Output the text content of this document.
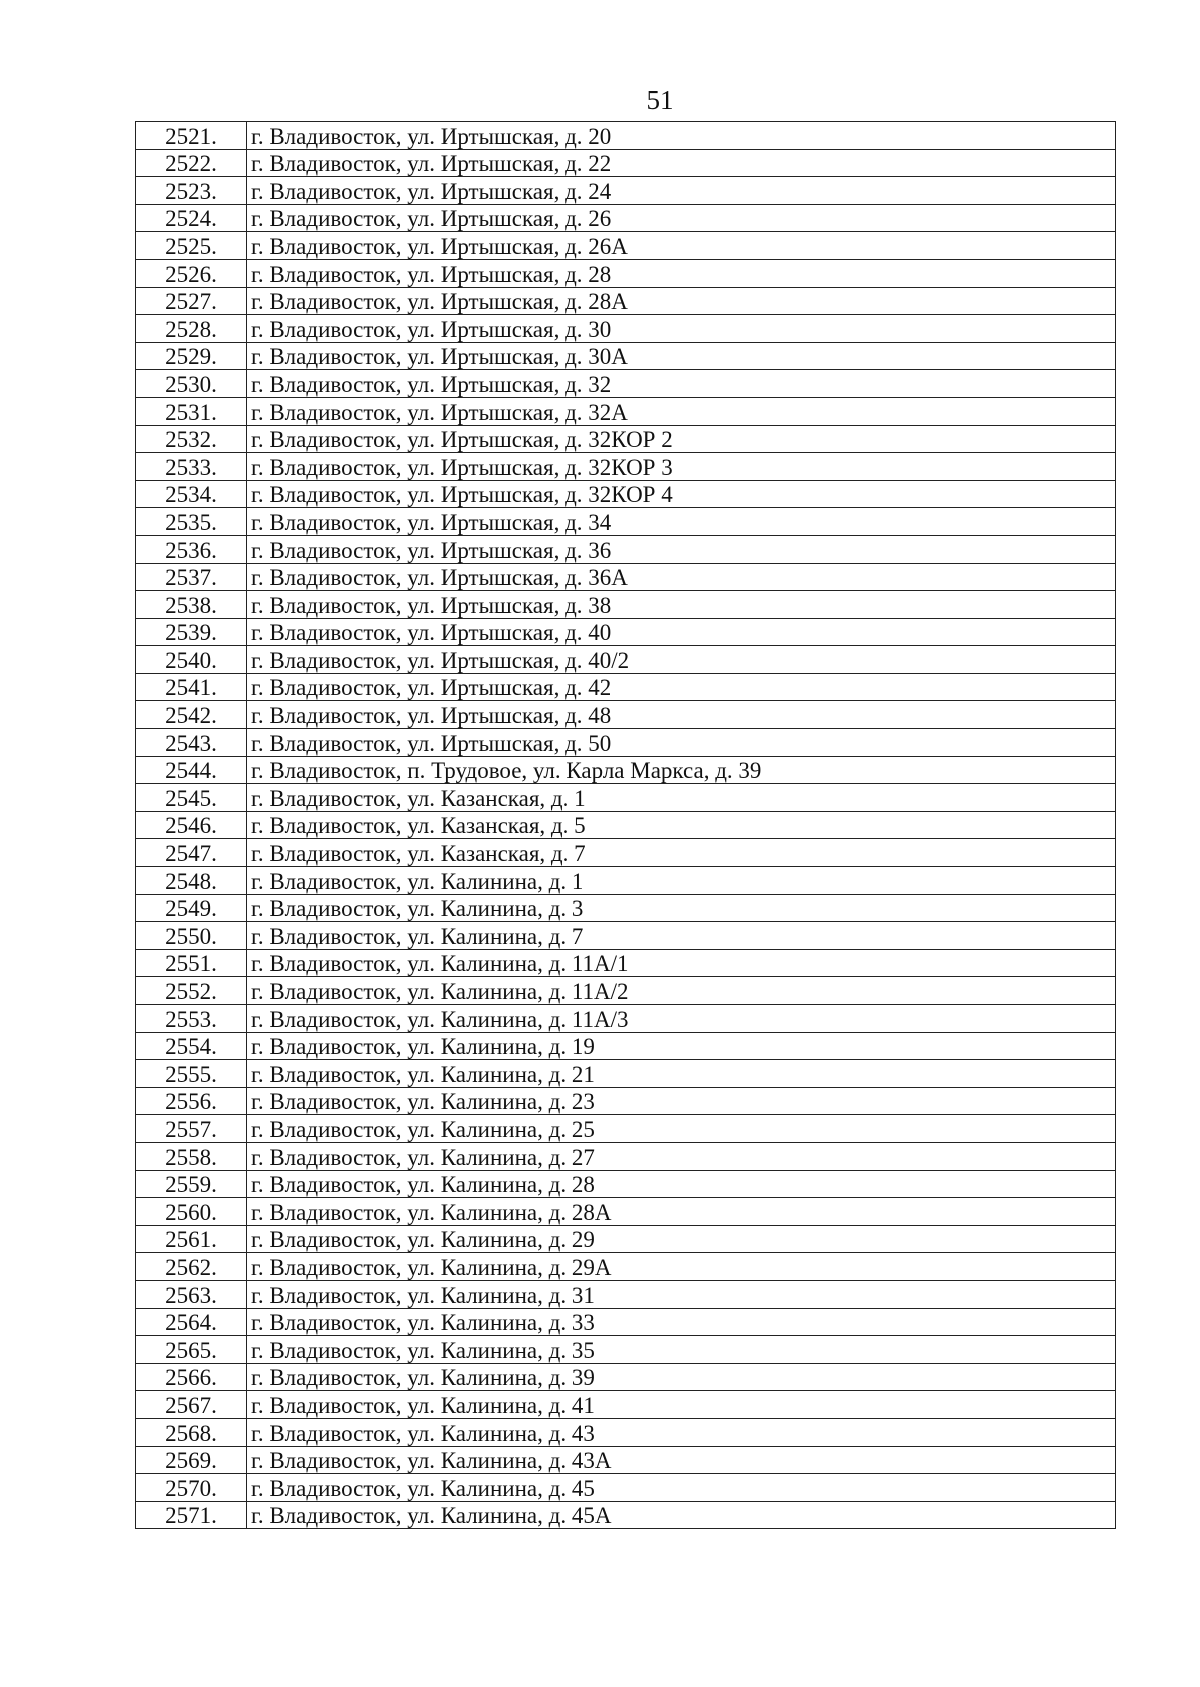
51
2521.	г. Владивосток, ул. Иртышская, д. 20
2522.	г. Владивосток, ул. Иртышская, д. 22
2523.	г. Владивосток, ул. Иртышская, д. 24
2524.	г. Владивосток, ул. Иртышская, д. 26
2525.	г. Владивосток, ул. Иртышская, д. 26А
2526.	г. Владивосток, ул. Иртышская, д. 28
2527.	г. Владивосток, ул. Иртышская, д. 28А
2528.	г. Владивосток, ул. Иртышская, д. 30
2529.	г. Владивосток, ул. Иртышская, д. 30А
2530.	г. Владивосток, ул. Иртышская, д. 32
2531.	г. Владивосток, ул. Иртышская, д. 32А
2532.	г. Владивосток, ул. Иртышская, д. 32КОР 2
2533.	г. Владивосток, ул. Иртышская, д. 32КОР 3
2534.	г. Владивосток, ул. Иртышская, д. 32КОР 4
2535.	г. Владивосток, ул. Иртышская, д. 34
2536.	г. Владивосток, ул. Иртышская, д. 36
2537.	г. Владивосток, ул. Иртышская, д. 36А
2538.	г. Владивосток, ул. Иртышская, д. 38
2539.	г. Владивосток, ул. Иртышская, д. 40
2540.	г. Владивосток, ул. Иртышская, д. 40/2
2541.	г. Владивосток, ул. Иртышская, д. 42
2542.	г. Владивосток, ул. Иртышская, д. 48
2543.	г. Владивосток, ул. Иртышская, д. 50
2544.	г. Владивосток, п. Трудовое, ул. Карла Маркса, д. 39
2545.	г. Владивосток, ул. Казанская, д. 1
2546.	г. Владивосток, ул. Казанская, д. 5
2547.	г. Владивосток, ул. Казанская, д. 7
2548.	г. Владивосток, ул. Калинина, д. 1
2549.	г. Владивосток, ул. Калинина, д. 3
2550.	г. Владивосток, ул. Калинина, д. 7
2551.	г. Владивосток, ул. Калинина, д. 11А/1
2552.	г. Владивосток, ул. Калинина, д. 11А/2
2553.	г. Владивосток, ул. Калинина, д. 11А/3
2554.	г. Владивосток, ул. Калинина, д. 19
2555.	г. Владивосток, ул. Калинина, д. 21
2556.	г. Владивосток, ул. Калинина, д. 23
2557.	г. Владивосток, ул. Калинина, д. 25
2558.	г. Владивосток, ул. Калинина, д. 27
2559.	г. Владивосток, ул. Калинина, д. 28
2560.	г. Владивосток, ул. Калинина, д. 28А
2561.	г. Владивосток, ул. Калинина, д. 29
2562.	г. Владивосток, ул. Калинина, д. 29А
2563.	г. Владивосток, ул. Калинина, д. 31
2564.	г. Владивосток, ул. Калинина, д. 33
2565.	г. Владивосток, ул. Калинина, д. 35
2566.	г. Владивосток, ул. Калинина, д. 39
2567.	г. Владивосток, ул. Калинина, д. 41
2568.	г. Владивосток, ул. Калинина, д. 43
2569.	г. Владивосток, ул. Калинина, д. 43А
2570.	г. Владивосток, ул. Калинина, д. 45
2571.	г. Владивосток, ул. Калинина, д. 45А
